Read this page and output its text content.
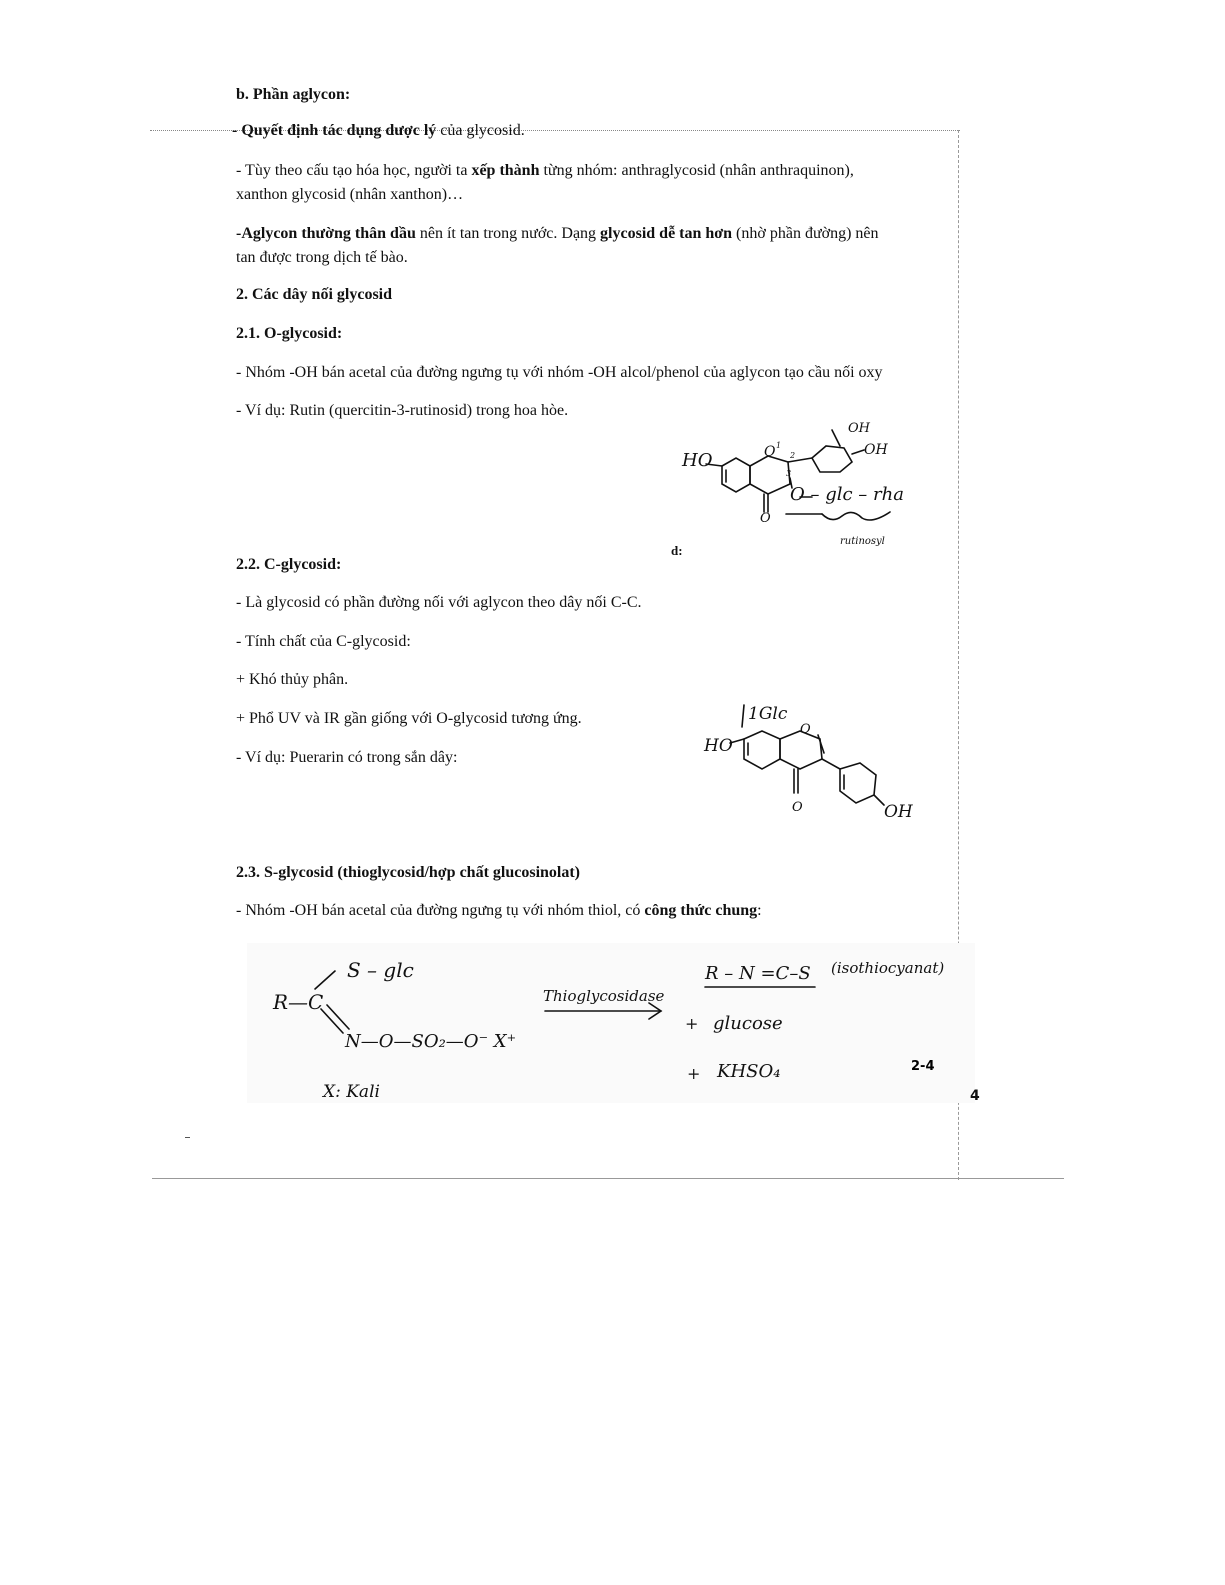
b. Phần aglycon:

- Quyết định tác dụng dược lý của glycosid.

- Tùy theo cấu tạo hóa học, người ta xếp thành từng nhóm: anthraglycosid (nhân anthraquinon),

xanthon glycosid (nhân xanthon)…

-Aglycon thường thân dầu nên ít tan trong nước. Dạng glycosid dễ tan hơn (nhờ phần đường) nên

tan được trong dịch tế bào.

2. Các dây nối glycosid

2.1. O-glycosid:

- Nhóm -OH bán acetal của đường ngưng tụ với nhóm -OH alcol/phenol của aglycon tạo cầu nối oxy

- Ví dụ: Rutin (quercitin-3-rutinosid) trong hoa hòe.

d:

HO
OH
OH
O
O
O – glc – rha
rutinosyl
1
2
3

2.2. C-glycosid:

- Là glycosid có phần đường nối với aglycon theo dây nối C-C.

- Tính chất của C-glycosid:

+ Khó thủy phân.

+ Phổ UV và IR gần giống với O-glycosid tương ứng.

- Ví dụ: Puerarin có trong sắn dây:

1Glc
HO
O
O	OH

2.3. S-glycosid (thioglycosid/hợp chất glucosinolat)

- Nhóm -OH bán acetal của đường ngưng tụ với nhóm thiol, có công thức chung:

S – glc
R—C
N—O—SO₂—O⁻ X⁺
X: Kali
Thioglycosidase
R – N =C–S (isothiocyanat)
+ glucose
+ KHSO₄	2-4
4
